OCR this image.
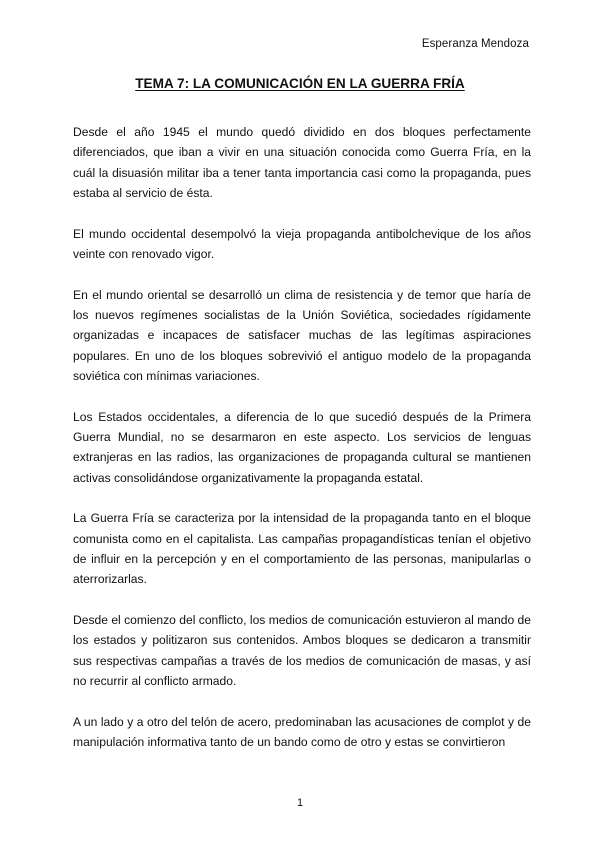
Esperanza Mendoza
TEMA 7: LA COMUNICACIÓN EN LA GUERRA FRÍA

Desde el año 1945 el mundo quedó dividido en dos bloques perfectamente diferenciados, que iban a vivir en una situación conocida como Guerra Fría, en la cuál la disuasión militar iba a tener tanta importancia casi como la propaganda, pues estaba al servicio de ésta.

El mundo occidental desempolvó la vieja propaganda antibolchevique de los años veinte con renovado vigor.

En el mundo oriental se desarrolló un clima de resistencia y de temor que haría de los nuevos regímenes socialistas de la Unión Soviética, sociedades rígidamente organizadas e incapaces de satisfacer muchas de las legítimas aspiraciones populares. En uno de los bloques sobrevivió el antiguo modelo de la propaganda soviética con mínimas variaciones.

Los Estados occidentales, a diferencia de lo que sucedió después de la Primera Guerra Mundial, no se desarmaron en este aspecto. Los servicios de lenguas extranjeras en las radios, las organizaciones de propaganda cultural se mantienen activas consolidándose organizativamente la propaganda estatal.

La Guerra Fría se caracteriza por la intensidad de la propaganda tanto en el bloque comunista como en el capitalista. Las campañas propagandísticas tenían el objetivo de influir en la percepción y en el comportamiento de las personas, manipularlas o aterrorizarlas.

Desde el comienzo del conflicto, los medios de comunicación estuvieron al mando de los estados y politizaron sus contenidos. Ambos bloques se dedicaron a transmitir sus respectivas campañas a través de los medios de comunicación de masas, y así no recurrir al conflicto armado.

A un lado y a otro del telón de acero, predominaban las acusaciones de complot y de manipulación informativa tanto de un bando como de otro y estas se convirtieron

1
